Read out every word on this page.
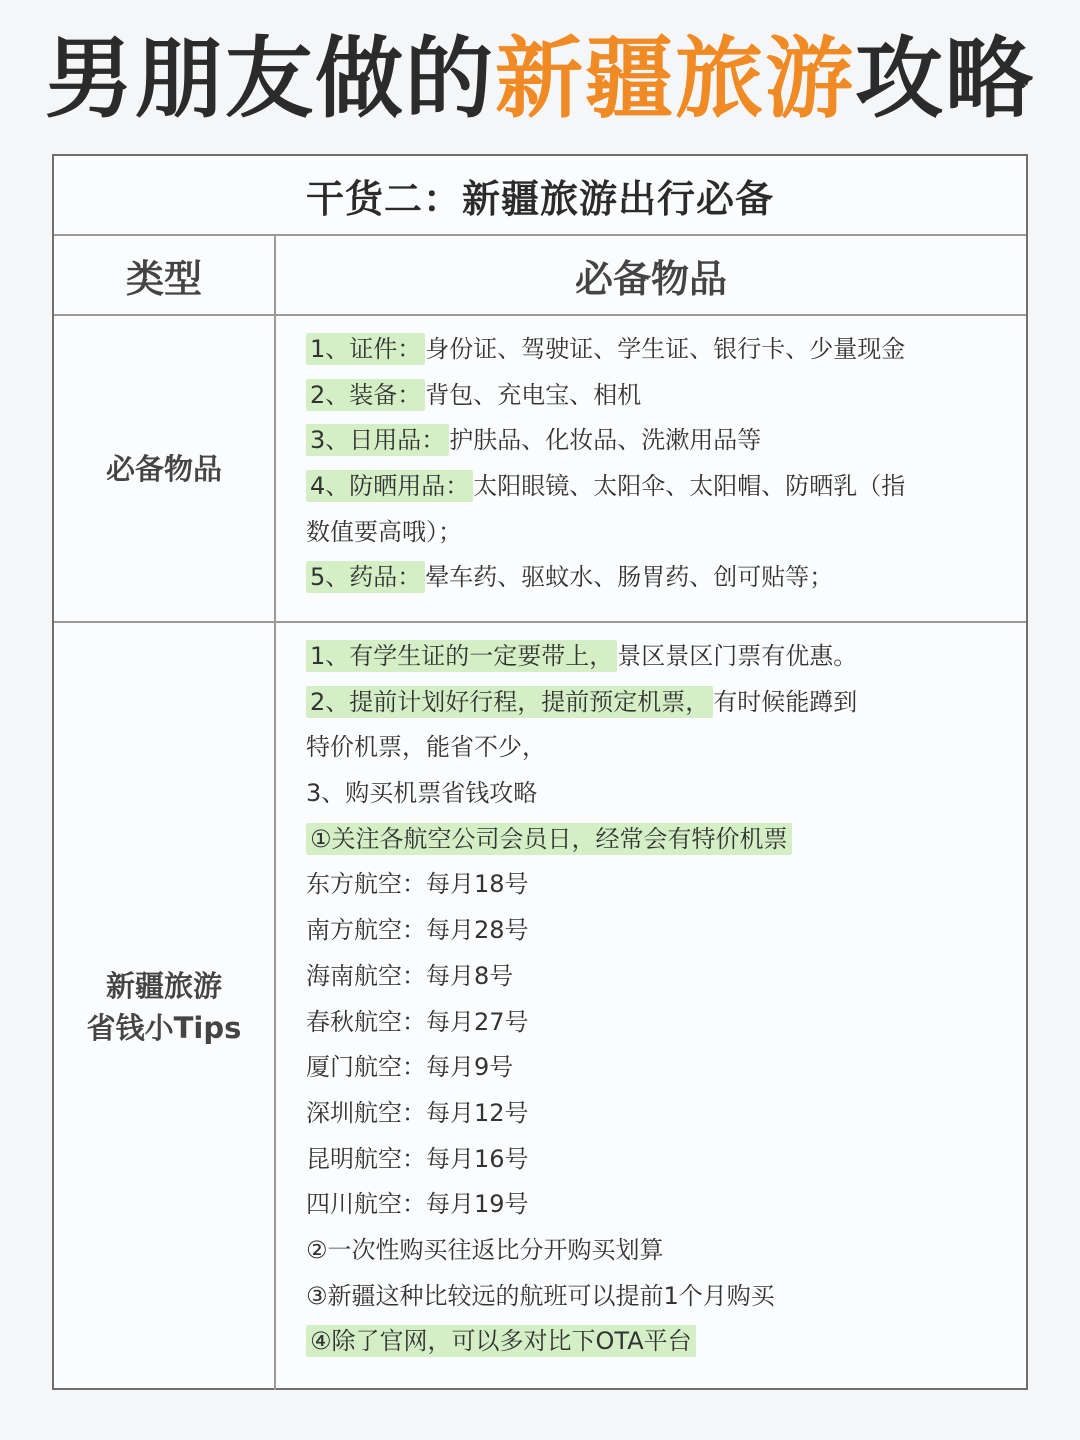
男朋友做的新疆旅游攻略
干货二：新疆旅游出行必备
类型	必备物品
必备物品
1、证件： 身份证、驾驶证、学生证、银行卡、少量现金
2、装备： 背包、充电宝、相机
3、日用品： 护肤品、化妆品、洗漱用品等
4、防晒用品： 太阳眼镜、太阳伞、太阳帽、防晒乳（指
数值要高哦）；
5、药品： 晕车药、驱蚊水、肠胃药、创可贴等；
新疆旅游
省钱小Tips
1、有学生证的一定要带上， 景区景区门票有优惠。
2、提前计划好行程，提前预定机票， 有时候能蹲到
特价机票，能省不少，
3、购买机票省钱攻略
①关注各航空公司会员日，经常会有特价机票
东方航空：每月18号
南方航空：每月28号
海南航空：每月8号
春秋航空：每月27号
厦门航空：每月9号
深圳航空：每月12号
昆明航空：每月16号
四川航空：每月19号
②一次性购买往返比分开购买划算
③新疆这种比较远的航班可以提前1个月购买
④除了官网，可以多对比下OTA平台
